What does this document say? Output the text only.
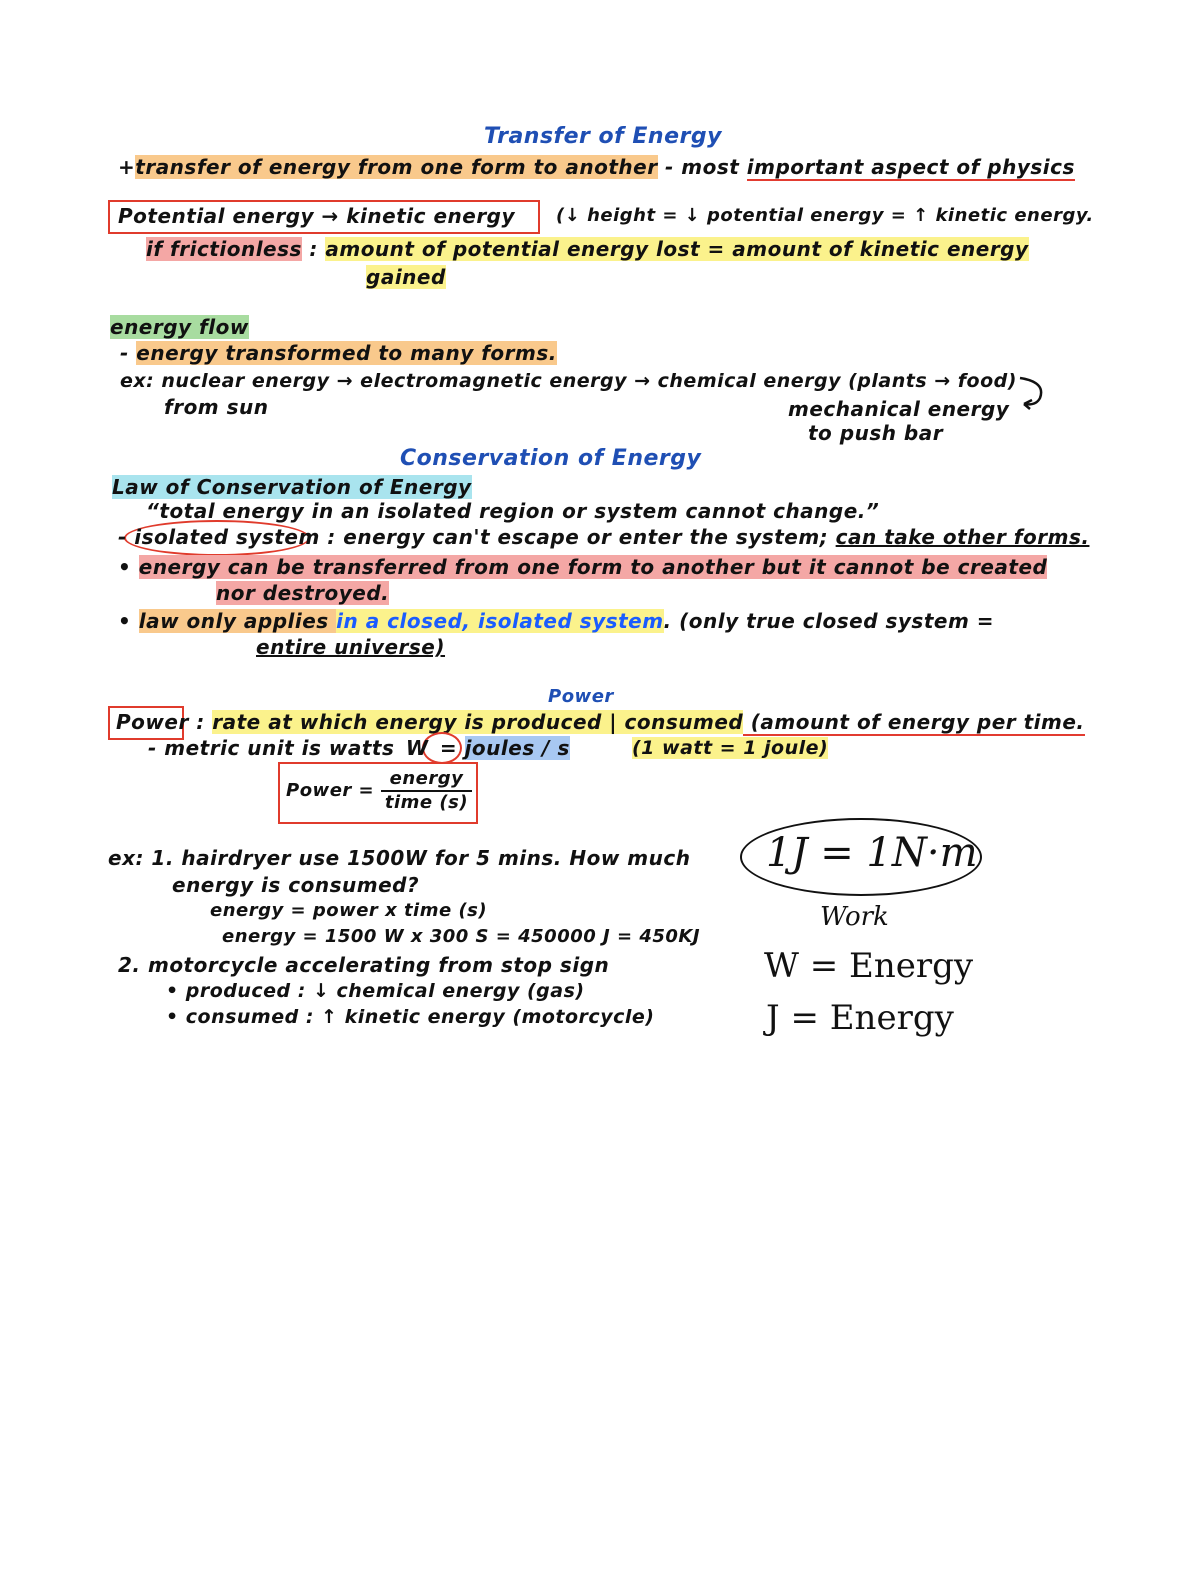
Transfer of Energy
+transfer of energy from one form to another - most important aspect of physics
Potential energy → kinetic energy (↓ height = ↓ potential energy = ↑ kinetic energy.
if frictionless : amount of potential energy lost = amount of kinetic energy
gained
energy flow
- energy transformed to many forms.
ex: nuclear energy → electromagnetic energy → chemical energy (plants → food)
from sun	mechanical energy
to push bar
Conservation of Energy
Law of Conservation of Energy
“total energy in an isolated region or system cannot change.”
- isolated system : energy can't escape or enter the system; can take other forms.
• energy can be transferred from one form to another but it cannot be created
nor destroyed.
• law only applies in a closed, isolated system. (only true closed system =
entire universe)
Power
Power : rate at which energy is produced | consumed (amount of energy per time.
- metric unit is watts W = joules / s	(1 watt = 1 joule)
Power = $\frac{\text{energy}}{\text{time (s)}}$
ex: 1. hairdryer use 1500W for 5 mins. How much
energy is consumed?
energy = power x time (s)
energy = 1500 W x 300 S = 450000 J = 450KJ
2. motorcycle accelerating from stop sign
• produced : ↓ chemical energy (gas)
• consumed : ↑ kinetic energy (motorcycle)
1J = 1N·m
Work
W = Energy
J = Energy
